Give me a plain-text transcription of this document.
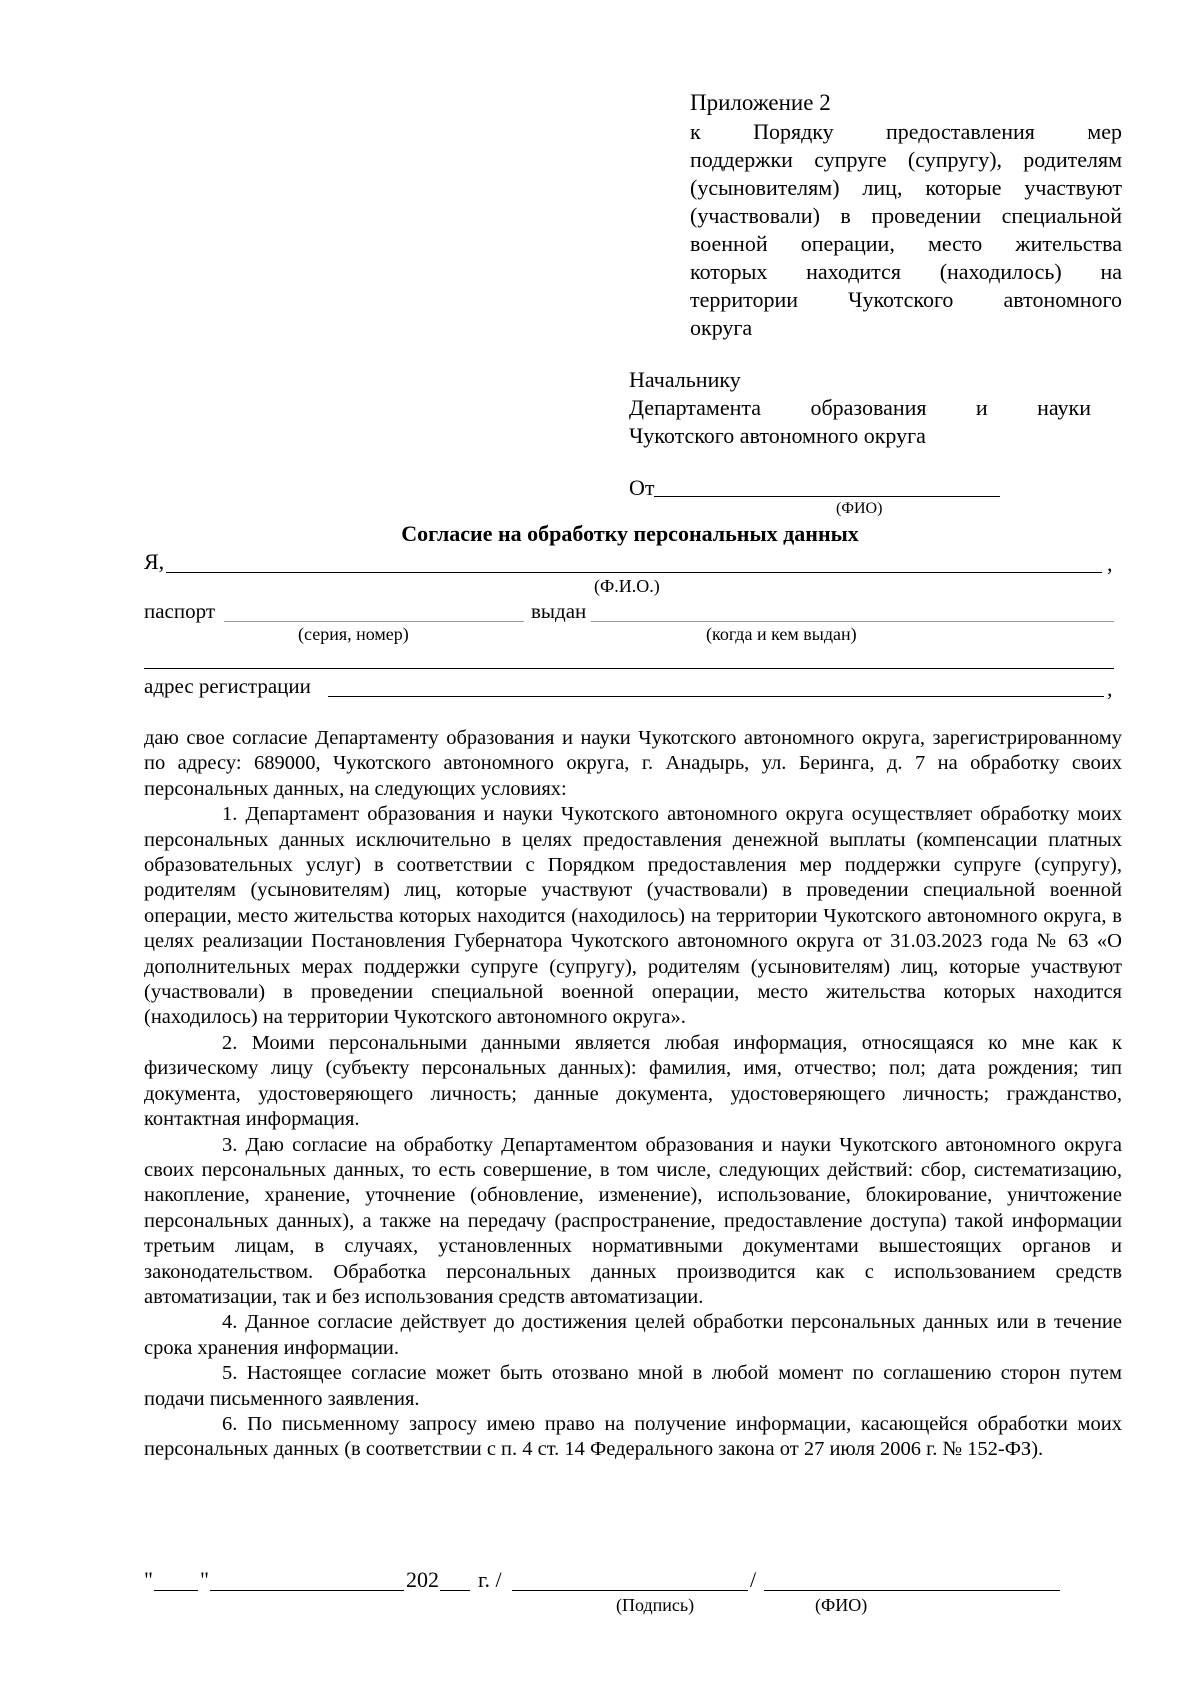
Приложение 2
к Порядку предоставления мер
поддержки супруге (супругу), родителям
(усыновителям) лиц, которые участвуют
(участвовали) в проведении специальной
военной операции, место жительства
которых находится (находилось) на
территории Чукотского автономного
округа
Начальнику
Департамента образования и науки
Чукотского автономного округа
От
(ФИО)
Согласие на обработку персональных данных
Я,	,
(Ф.И.О.)
паспорт	выдан
(серия, номер)	(когда и кем выдан)
адрес регистрации	,

даю свое согласие Департаменту образования и науки Чукотского автономного округа, зарегистрированному по адресу: 689000, Чукотского автономного округа, г. Анадырь, ул. Беринга, д. 7 на обработку своих персональных данных, на следующих условиях:

1. Департамент образования и науки Чукотского автономного округа осуществляет обработку моих персональных данных исключительно в целях предоставления денежной выплаты (компенсации платных образовательных услуг) в соответствии с Порядком предоставления мер поддержки супруге (супругу), родителям (усыновителям) лиц, которые участвуют (участвовали) в проведении специальной военной операции, место жительства которых находится (находилось) на территории Чукотского автономного округа, в целях реализации Постановления Губернатора Чукотского автономного округа от 31.03.2023 года № 63 «О дополнительных мерах поддержки супруге (супругу), родителям (усыновителям) лиц, которые участвуют (участвовали) в проведении специальной военной операции, место жительства которых находится (находилось) на территории Чукотского автономного округа».

2. Моими персональными данными является любая информация, относящаяся ко мне как к физическому лицу (субъекту персональных данных): фамилия, имя, отчество; пол; дата рождения; тип документа, удостоверяющего личность; данные документа, удостоверяющего личность; гражданство, контактная информация.

3. Даю согласие на обработку Департаментом образования и науки Чукотского автономного округа своих персональных данных, то есть совершение, в том числе, следующих действий: сбор, систематизацию, накопление, хранение, уточнение (обновление, изменение), использование, блокирование, уничтожение персональных данных), а также на передачу (распространение, предоставление доступа) такой информации третьим лицам, в случаях, установленных нормативными документами вышестоящих органов и законодательством. Обработка персональных данных производится как с использованием средств автоматизации, так и без использования средств автоматизации.

4. Данное согласие действует до достижения целей обработки персональных данных или в течение срока хранения информации.

5. Настоящее согласие может быть отозвано мной в любой момент по соглашению сторон путем подачи письменного заявления.

6. По письменному запросу имею право на получение информации, касающейся обработки моих персональных данных (в соответствии с п. 4 ст. 14 Федерального закона от 27 июля 2006 г. № 152-ФЗ).

" "	202 г. /	/
(Подпись)	(ФИО)
